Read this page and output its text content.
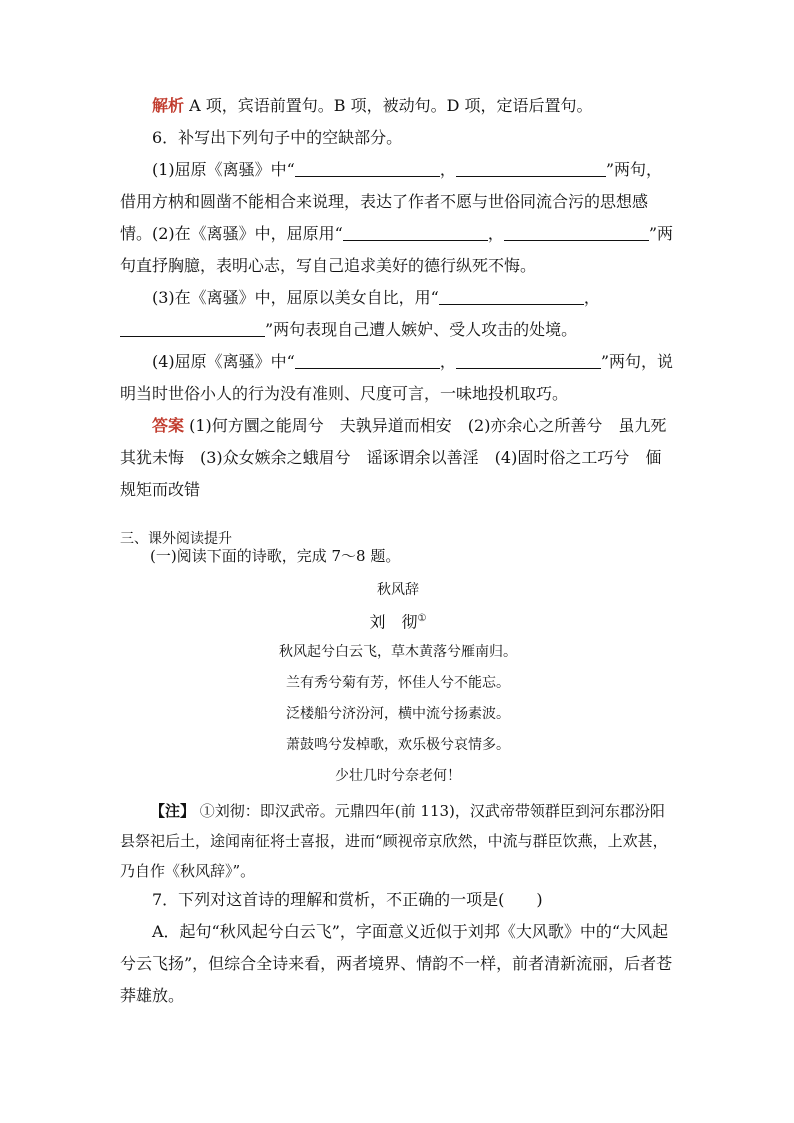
解析 A 项，宾语前置句。B 项，被动句。D 项，定语后置句。
6．补写出下列句子中的空缺部分。
(1)屈原《离骚》中“	，	”两句，借用方枘和圆凿不能相合来说理，表达了作者不愿与世俗同流合污的思想感情。 (2)在《离骚》中，屈原用“	，	”两句直抒胸臆，表明心志，写自己追求美好的德行纵死不悔。
(3)在《离骚》中，屈原以美女自比，用“	，”两句表现自己遭人嫉妒、受人攻击的处境。
(4)屈原《离骚》中“	，	”两句，说明当时世俗小人的行为没有准则、尺度可言，一味地投机取巧。
答案 (1)何方圜之能周兮　夫孰异道而相安　(2)亦余心之所善兮　虽九死其犹未悔　(3)众女嫉余之蛾眉兮　谣诼谓余以善淫　(4)固时俗之工巧兮　偭规矩而改错
三、课外阅读提升
(一)阅读下面的诗歌，完成 7～8 题。
秋风辞
刘　彻①
秋风起兮白云飞，草木黄落兮雁南归。
兰有秀兮菊有芳，怀佳人兮不能忘。
泛楼船兮济汾河，横中流兮扬素波。
萧鼓鸣兮发棹歌，欢乐极兮哀情多。
少壮几时兮奈老何！
【注】 ①刘彻：即汉武帝。元鼎四年(前 113)，汉武帝带领群臣到河东郡汾阳县祭祀后土，途闻南征将士喜报，进而“顾视帝京欣然，中流与群臣饮燕，上欢甚，乃自作《秋风辞》”。
7．下列对这首诗的理解和赏析，不正确的一项是(　　)
A．起句“秋风起兮白云飞”，字面意义近似于刘邦《大风歌》中的“大风起兮云飞扬”，但综合全诗来看，两者境界、情韵不一样，前者清新流丽，后者苍莽雄放。
